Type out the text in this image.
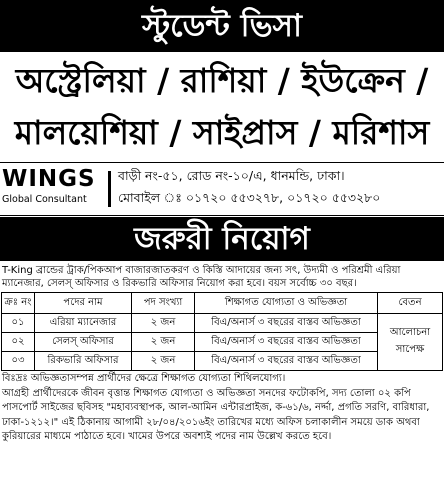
স্টুডেন্ট ভিসা
অস্ট্রেলিয়া / রাশিয়া / ইউক্রেন /
মালয়েশিয়া / সাইপ্রাস / মরিশাস
WINGS
Global Consultant
বাড়ী নং-৫১, রোড নং-১০/এ, ধানমন্ডি, ঢাকা।
মোবাইল ঃ ০১৭২০ ৫৫৩২৭৮, ০১৭২০ ৫৫৩২৮০
জরুরী নিয়োগ
T-King ব্রান্ডের ট্রাক/পিকআপ বাজারজাতকরণ ও কিস্তি আদায়ের জন্য সৎ, উদ্যমী ও পরিশ্রমী এরিয়া ম্যানেজার, সেলস্ অফিসার ও রিকভারি অফিসার নিয়োগ করা হবে। বয়স সর্বোচ্চ ৩০ বছর।
ক্রঃ নং	পদের নাম	পদ সংখ্যা	শিক্ষাগত যোগ্যতা ও অভিজ্ঞতা	বেতন
০১	এরিয়া ম্যানেজার	২ জন	বিএ/অনার্স ৩ বছরের বাস্তব অভিজ্ঞতা	আলোচনা সাপেক্ষ
০২	সেলস্ অফিসার	২ জন	বিএ/অনার্স ৩ বছরের বাস্তব অভিজ্ঞতা	
০৩	রিকভারি অফিসার	২ জন	বিএ/অনার্স ৩ বছরের বাস্তব অভিজ্ঞতা	

বিঃদ্রঃ অভিজ্ঞতাসম্পন্ন প্রার্থীদের ক্ষেত্রে শিক্ষাগত যোগ্যতা শিথিলযোগ্য।

আগ্রহী প্রার্থীদেরকে জীবন বৃত্তান্ত শিক্ষাগত যোগ্যতা ও অভিজ্ঞতা সনদের ফটোকপি, সদ্য তোলা ০২ কপি পাসপোর্ট সাইজের ছবিসহ "মহাব্যবস্থাপক, আল-আমিন এন্টারপ্রাইজ, ক-৬১/৬, নর্দ্দা, প্রগতি সরণি, বারিধারা, ঢাকা-১২১২।" এই ঠিকানায় আগামী ২৮/০৪/২০১৬ইং তারিখের মধ্যে অফিস চলাকালীন সময়ে ডাক অথবা কুরিয়ারের মাধ্যমে পাঠাতে হবে। খামের উপরে অবশ্যই পদের নাম উল্লেখ করতে হবে।
